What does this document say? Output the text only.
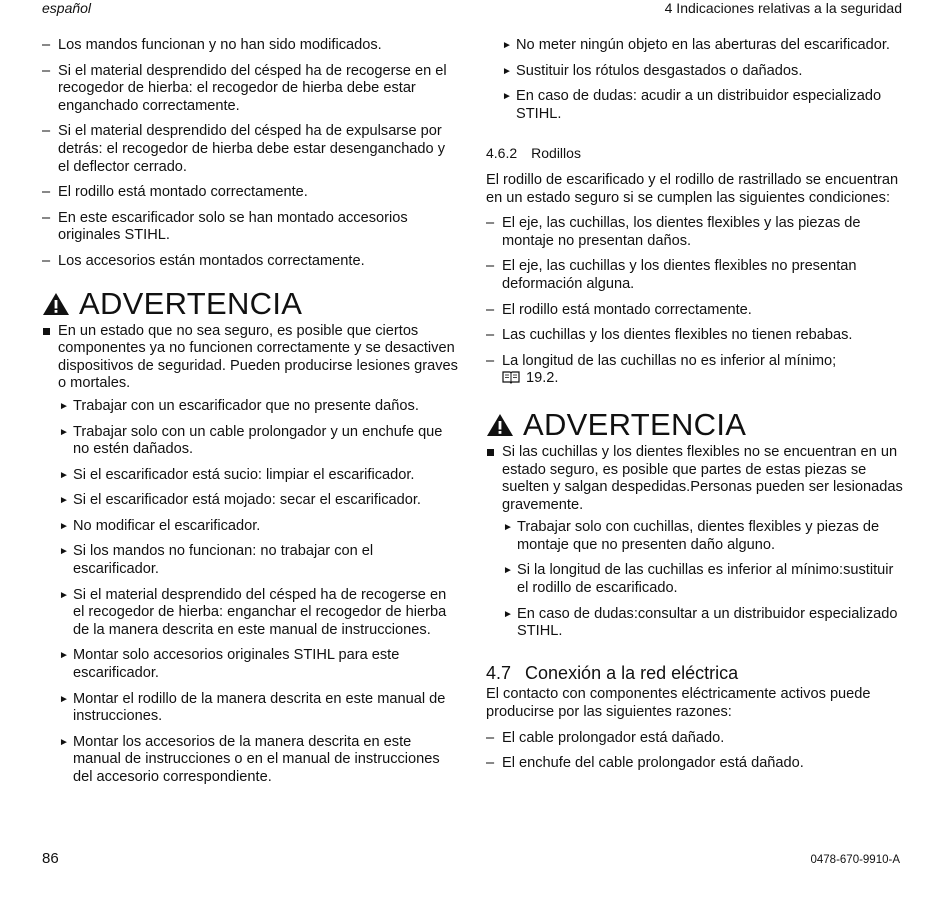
español	4 Indicaciones relativas a la seguridad
– Los mandos funcionan y no han sido modificados.
– Si el material desprendido del césped ha de recogerse en el recogedor de hierba: el recogedor de hierba debe estar enganchado correctamente.
– Si el material desprendido del césped ha de expulsarse por detrás: el recogedor de hierba debe estar desenganchado y el deflector cerrado.
– El rodillo está montado correctamente.
– En este escarificador solo se han montado accesorios originales STIHL.
– Los accesorios están montados correctamente.
ADVERTENCIA
En un estado que no sea seguro, es posible que ciertos componentes ya no funcionen correctamente y se desactiven dispositivos de seguridad. Pueden producirse lesiones graves o mortales.
► Trabajar con un escarificador que no presente daños.
► Trabajar solo con un cable prolongador y un enchufe que no estén dañados.
► Si el escarificador está sucio: limpiar el escarificador.
► Si el escarificador está mojado: secar el escarificador.
► No modificar el escarificador.
► Si los mandos no funcionan: no trabajar con el escarificador.
► Si el material desprendido del césped ha de recogerse en el recogedor de hierba: enganchar el recogedor de hierba de la manera descrita en este manual de instrucciones.
► Montar solo accesorios originales STIHL para este escarificador.
► Montar el rodillo de la manera descrita en este manual de instrucciones.
► Montar los accesorios de la manera descrita en este manual de instrucciones o en el manual de instrucciones del accesorio correspondiente.
► No meter ningún objeto en las aberturas del escarificador.
► Sustituir los rótulos desgastados o dañados.
► En caso de dudas: acudir a un distribuidor especializado STIHL.
4.6.2 Rodillos
El rodillo de escarificado y el rodillo de rastrillado se encuentran en un estado seguro si se cumplen las siguientes condiciones:
– El eje, las cuchillas, los dientes flexibles y las piezas de montaje no presentan daños.
– El eje, las cuchillas y los dientes flexibles no presentan deformación alguna.
– El rodillo está montado correctamente.
– Las cuchillas y los dientes flexibles no tienen rebabas.
– La longitud de las cuchillas no es inferior al mínimo;
19.2.
ADVERTENCIA
Si las cuchillas y los dientes flexibles no se encuentran en un estado seguro, es posible que partes de estas piezas se suelten y salgan despedidas.Personas pueden ser lesionadas gravemente.
► Trabajar solo con cuchillas, dientes flexibles y piezas de montaje que no presenten daño alguno.
► Si la longitud de las cuchillas es inferior al mínimo:sustituir el rodillo de escarificado.
► En caso de dudas:consultar a un distribuidor especializado STIHL.
4.7 Conexión a la red eléctrica
El contacto con componentes eléctricamente activos puede producirse por las siguientes razones:
– El cable prolongador está dañado.
– El enchufe del cable prolongador está dañado.
86	0478-670-9910-A
